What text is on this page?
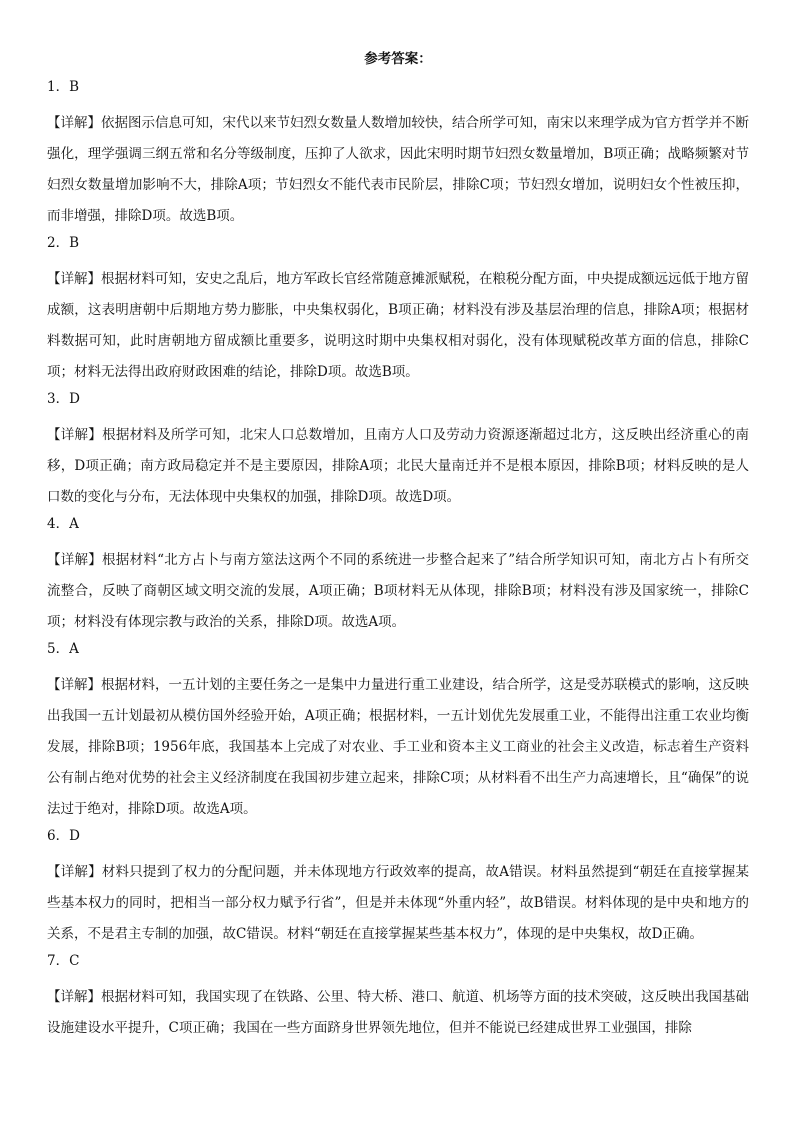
参考答案：
1．B
【详解】依据图示信息可知，宋代以来节妇烈女数量人数增加较快，结合所学可知，南宋以来理学成为官方哲学并不断强化，理学强调三纲五常和名分等级制度，压抑了人欲求，因此宋明时期节妇烈女数量增加，B项正确；战略频繁对节妇烈女数量增加影响不大，排除A项；节妇烈女不能代表市民阶层，排除C项；节妇烈女增加，说明妇女个性被压抑，而非增强，排除D项。故选B项。
2．B
【详解】根据材料可知，安史之乱后，地方军政长官经常随意摊派赋税，在粮税分配方面，中央提成额远远低于地方留成额，这表明唐朝中后期地方势力膨胀，中央集权弱化，B项正确；材料没有涉及基层治理的信息，排除A项；根据材料数据可知，此时唐朝地方留成额比重要多，说明这时期中央集权相对弱化，没有体现赋税改革方面的信息，排除C项；材料无法得出政府财政困难的结论，排除D项。故选B项。
3．D
【详解】根据材料及所学可知，北宋人口总数增加，且南方人口及劳动力资源逐渐超过北方，这反映出经济重心的南移，D项正确；南方政局稳定并不是主要原因，排除A项；北民大量南迁并不是根本原因，排除B项；材料反映的是人口数的变化与分布，无法体现中央集权的加强，排除D项。故选D项。
4．A
【详解】根据材料“北方占卜与南方筮法这两个不同的系统进一步整合起来了”结合所学知识可知，南北方占卜有所交流整合，反映了商朝区域文明交流的发展，A项正确；B项材料无从体现，排除B项；材料没有涉及国家统一，排除C项；材料没有体现宗教与政治的关系，排除D项。故选A项。
5．A
【详解】根据材料，一五计划的主要任务之一是集中力量进行重工业建设，结合所学，这是受苏联模式的影响，这反映出我国一五计划最初从模仿国外经验开始，A项正确；根据材料，一五计划优先发展重工业，不能得出注重工农业均衡发展，排除B项；1956年底，我国基本上完成了对农业、手工业和资本主义工商业的社会主义改造，标志着生产资料公有制占绝对优势的社会主义经济制度在我国初步建立起来，排除C项；从材料看不出生产力高速增长，且“确保”的说法过于绝对，排除D项。故选A项。
6．D
【详解】材料只提到了权力的分配问题，并未体现地方行政效率的提高，故A错误。材料虽然提到“朝廷在直接掌握某些基本权力的同时，把相当一部分权力赋予行省”，但是并未体现“外重内轻”，故B错误。材料体现的是中央和地方的关系，不是君主专制的加强，故C错误。材料“朝廷在直接掌握某些基本权力”，体现的是中央集权，故D正确。
7．C
【详解】根据材料可知，我国实现了在铁路、公里、特大桥、港口、航道、机场等方面的技术突破，这反映出我国基础设施建设水平提升，C项正确；我国在一些方面跻身世界领先地位，但并不能说已经建成世界工业强国，排除
